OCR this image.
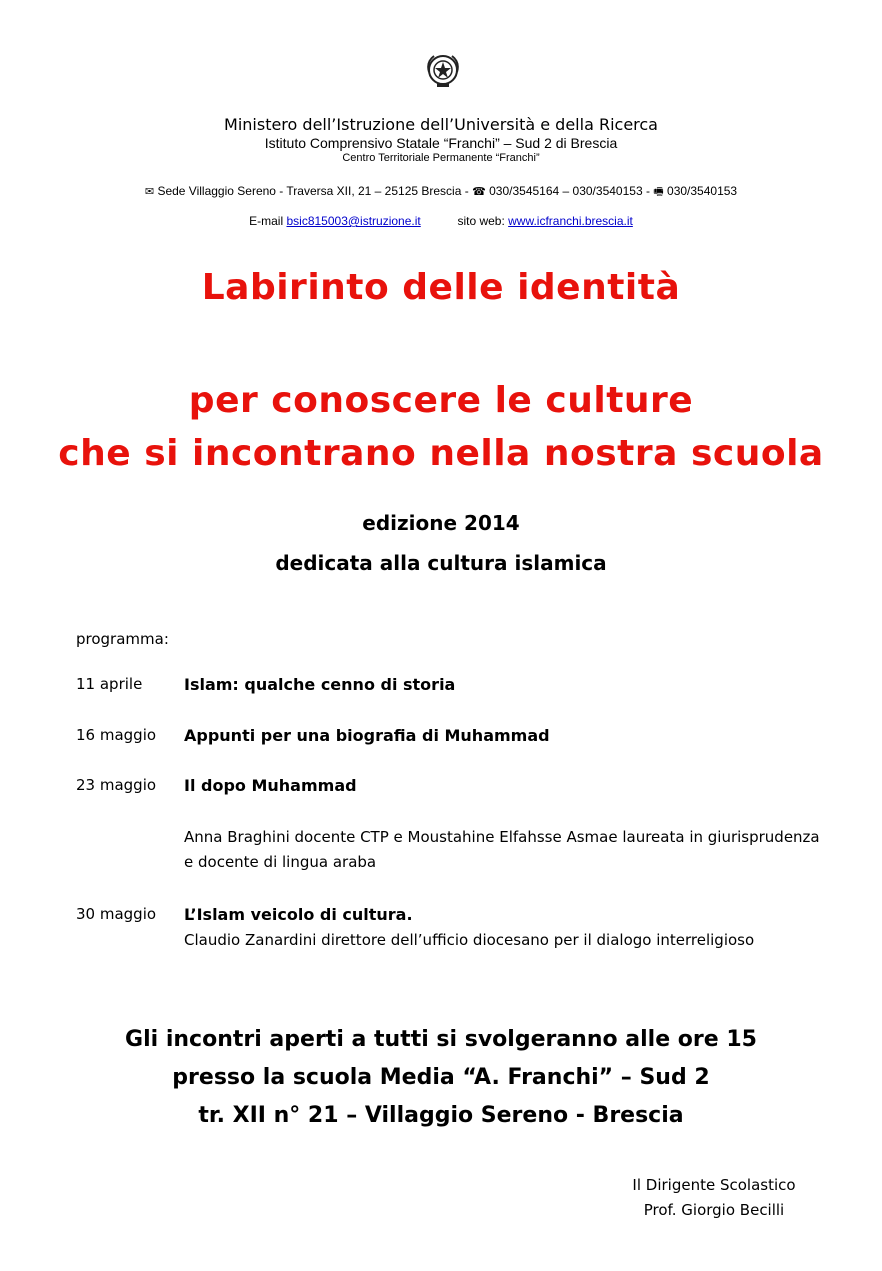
Ministero dell’Istruzione dell’Università e della Ricerca
Istituto Comprensivo Statale “Franchi” – Sud 2 di Brescia
Centro Territoriale Permanente “Franchi”
✉ Sede Villaggio Sereno - Traversa XII, 21 – 25125 Brescia - ☎ 030/3545164 – 030/3540153 - 🖷 030/3540153
E-mail bsic815003@istruzione.it	sito web: www.icfranchi.brescia.it
Labirinto delle identità
per conoscere le culture
che si incontrano nella nostra scuola
edizione 2014
dedicata alla cultura islamica
programma:
11 aprile	Islam: qualche cenno di storia
16 maggio Appunti per una biografia di Muhammad
23 maggio Il dopo Muhammad
Anna Braghini docente CTP e Moustahine Elfahsse Asmae laureata in giurisprudenza e docente di lingua araba
30 maggio L’Islam veicolo di cultura.
Claudio Zanardini direttore dell’ufficio diocesano per il dialogo interreligioso
Gli incontri aperti a tutti si svolgeranno alle ore 15
presso la scuola Media “A. Franchi” – Sud 2
tr. XII n° 21 – Villaggio Sereno - Brescia
Il Dirigente Scolastico
Prof. Giorgio Becilli
